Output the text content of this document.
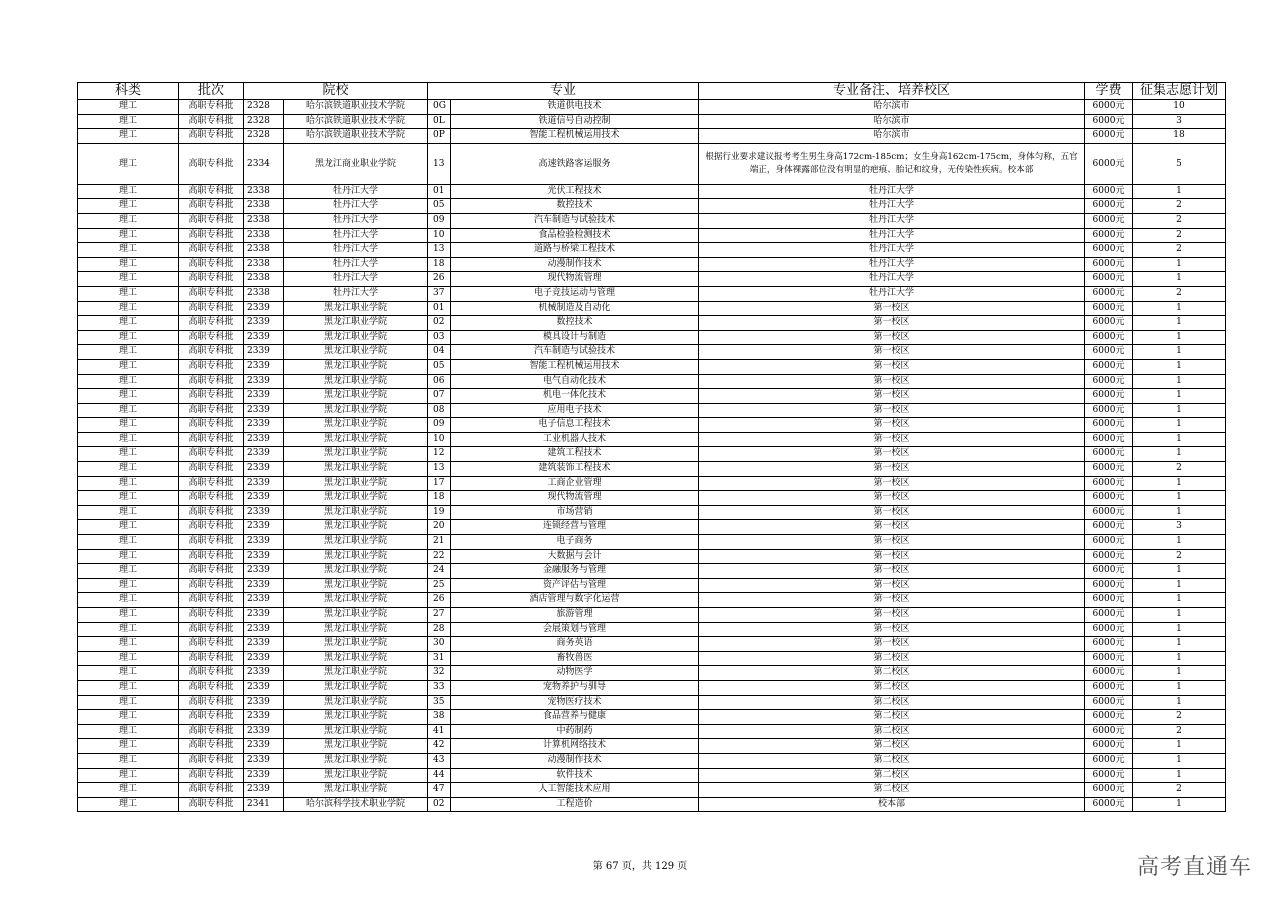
科类	批次	院校		专业		专业备注、培养校区	学费	征集志愿计划
理工	高职专科批	2328	哈尔滨铁道职业技术学院	0G	铁道供电技术	哈尔滨市	6000元	10
理工	高职专科批	2328	哈尔滨铁道职业技术学院	0L	铁道信号自动控制	哈尔滨市	6000元	3
理工	高职专科批	2328	哈尔滨铁道职业技术学院	0P	智能工程机械运用技术	哈尔滨市	6000元	18
理工	高职专科批	2334	黑龙江商业职业学院	13	高速铁路客运服务	根据行业要求建议报考考生男生身高172cm-185cm；女生身高162cm-175cm，身体匀称，五官端正，身体裸露部位没有明显的疤痕、胎记和纹身，无传染性疾病。校本部	6000元	5
理工	高职专科批	2338	牡丹江大学	01	光伏工程技术	牡丹江大学	6000元	1
理工	高职专科批	2338	牡丹江大学	05	数控技术	牡丹江大学	6000元	2
理工	高职专科批	2338	牡丹江大学	09	汽车制造与试验技术	牡丹江大学	6000元	2
理工	高职专科批	2338	牡丹江大学	10	食品检验检测技术	牡丹江大学	6000元	2
理工	高职专科批	2338	牡丹江大学	13	道路与桥梁工程技术	牡丹江大学	6000元	2
理工	高职专科批	2338	牡丹江大学	18	动漫制作技术	牡丹江大学	6000元	1
理工	高职专科批	2338	牡丹江大学	26	现代物流管理	牡丹江大学	6000元	1
理工	高职专科批	2338	牡丹江大学	37	电子竞技运动与管理	牡丹江大学	6000元	2
理工	高职专科批	2339	黑龙江职业学院	01	机械制造及自动化	第一校区	6000元	1
理工	高职专科批	2339	黑龙江职业学院	02	数控技术	第一校区	6000元	1
理工	高职专科批	2339	黑龙江职业学院	03	模具设计与制造	第一校区	6000元	1
理工	高职专科批	2339	黑龙江职业学院	04	汽车制造与试验技术	第一校区	6000元	1
理工	高职专科批	2339	黑龙江职业学院	05	智能工程机械运用技术	第一校区	6000元	1
理工	高职专科批	2339	黑龙江职业学院	06	电气自动化技术	第一校区	6000元	1
理工	高职专科批	2339	黑龙江职业学院	07	机电一体化技术	第一校区	6000元	1
理工	高职专科批	2339	黑龙江职业学院	08	应用电子技术	第一校区	6000元	1
理工	高职专科批	2339	黑龙江职业学院	09	电子信息工程技术	第一校区	6000元	1
理工	高职专科批	2339	黑龙江职业学院	10	工业机器人技术	第一校区	6000元	1
理工	高职专科批	2339	黑龙江职业学院	12	建筑工程技术	第一校区	6000元	1
理工	高职专科批	2339	黑龙江职业学院	13	建筑装饰工程技术	第一校区	6000元	2
理工	高职专科批	2339	黑龙江职业学院	17	工商企业管理	第一校区	6000元	1
理工	高职专科批	2339	黑龙江职业学院	18	现代物流管理	第一校区	6000元	1
理工	高职专科批	2339	黑龙江职业学院	19	市场营销	第一校区	6000元	1
理工	高职专科批	2339	黑龙江职业学院	20	连锁经营与管理	第一校区	6000元	3
理工	高职专科批	2339	黑龙江职业学院	21	电子商务	第一校区	6000元	1
理工	高职专科批	2339	黑龙江职业学院	22	大数据与会计	第一校区	6000元	2
理工	高职专科批	2339	黑龙江职业学院	24	金融服务与管理	第一校区	6000元	1
理工	高职专科批	2339	黑龙江职业学院	25	资产评估与管理	第一校区	6000元	1
理工	高职专科批	2339	黑龙江职业学院	26	酒店管理与数字化运营	第一校区	6000元	1
理工	高职专科批	2339	黑龙江职业学院	27	旅游管理	第一校区	6000元	1
理工	高职专科批	2339	黑龙江职业学院	28	会展策划与管理	第一校区	6000元	1
理工	高职专科批	2339	黑龙江职业学院	30	商务英语	第一校区	6000元	1
理工	高职专科批	2339	黑龙江职业学院	31	畜牧兽医	第二校区	6000元	1
理工	高职专科批	2339	黑龙江职业学院	32	动物医学	第二校区	6000元	1
理工	高职专科批	2339	黑龙江职业学院	33	宠物养护与驯导	第二校区	6000元	1
理工	高职专科批	2339	黑龙江职业学院	35	宠物医疗技术	第二校区	6000元	1
理工	高职专科批	2339	黑龙江职业学院	38	食品营养与健康	第二校区	6000元	2
理工	高职专科批	2339	黑龙江职业学院	41	中药制药	第二校区	6000元	2
理工	高职专科批	2339	黑龙江职业学院	42	计算机网络技术	第二校区	6000元	1
理工	高职专科批	2339	黑龙江职业学院	43	动漫制作技术	第二校区	6000元	1
理工	高职专科批	2339	黑龙江职业学院	44	软件技术	第二校区	6000元	1
理工	高职专科批	2339	黑龙江职业学院	47	人工智能技术应用	第二校区	6000元	2
理工	高职专科批	2341	哈尔滨科学技术职业学院	02	工程造价	校本部	6000元	1
第 67 页，共 129 页	高考直通车
